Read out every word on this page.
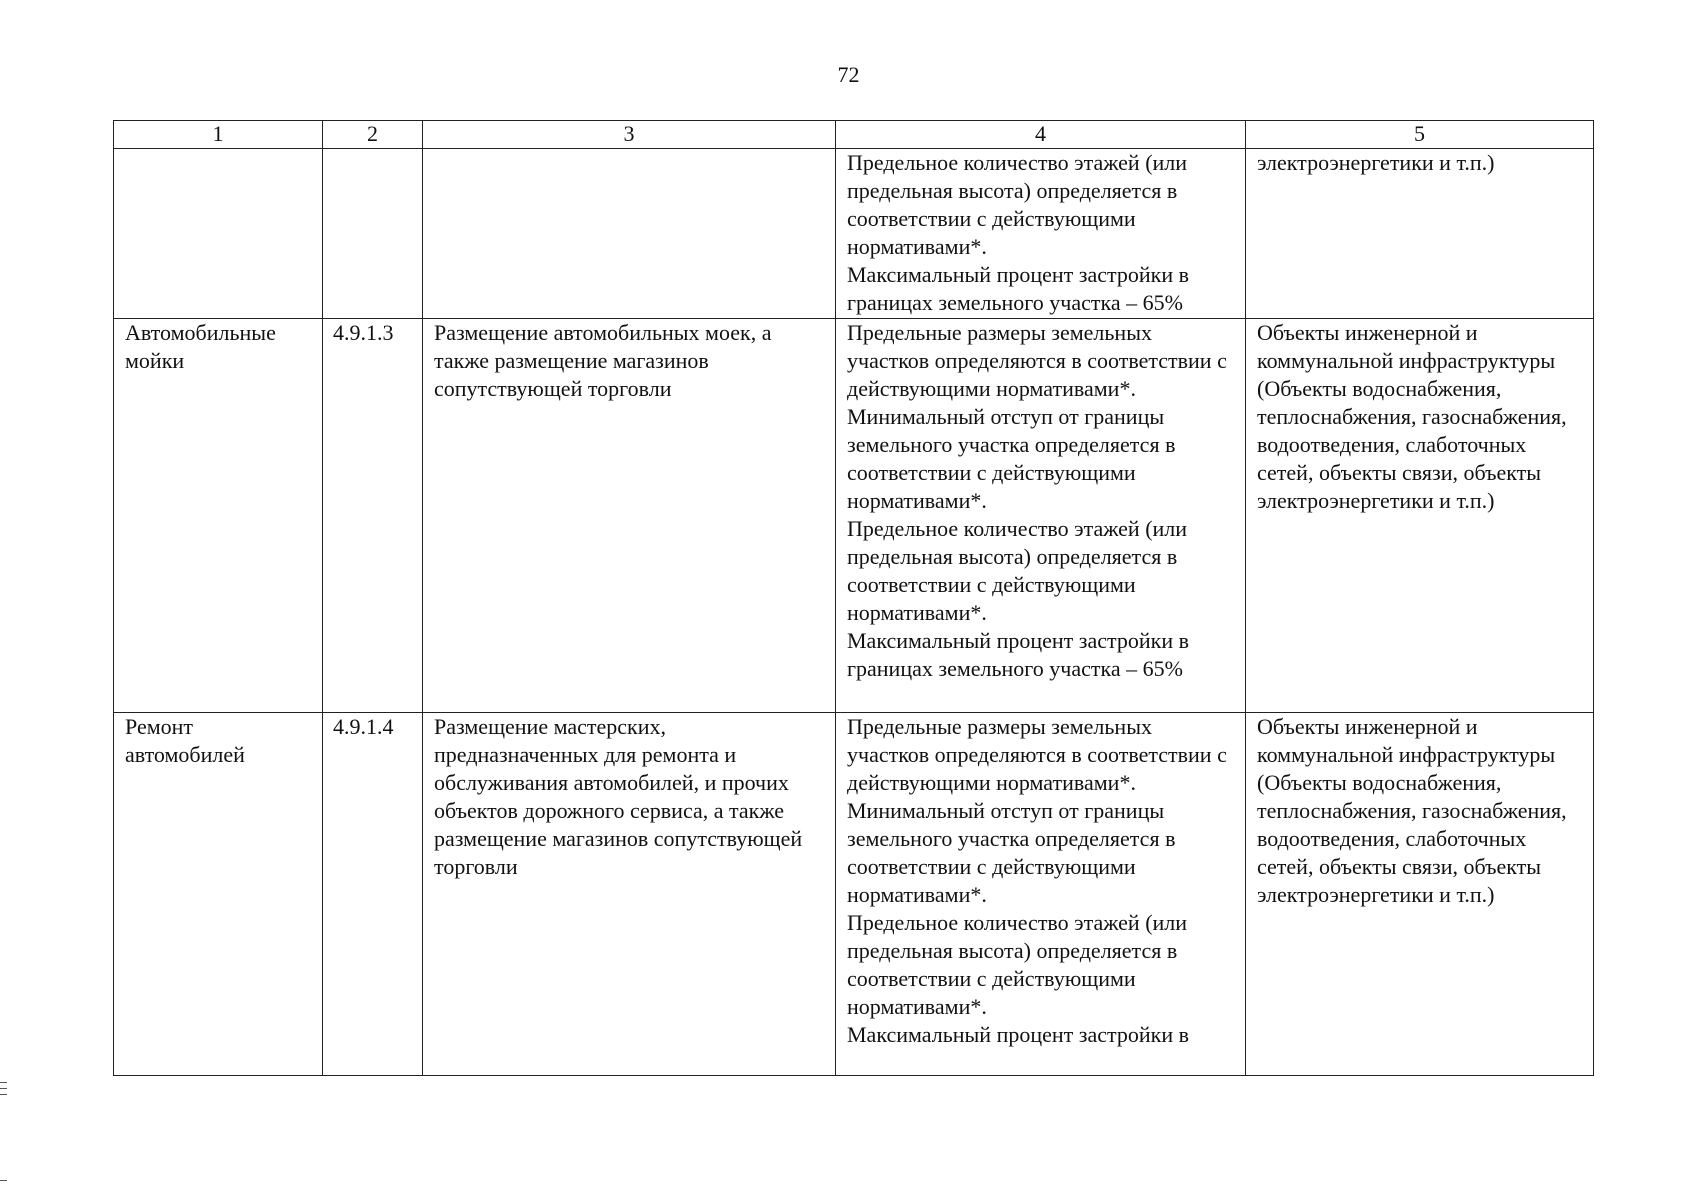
72
1	2	3	4	5

			Предельное количество этажей (или предельная высота) определяется в соответствии с действующими нормативами*.
Максимальный процент застройки в границах земельного участка – 65%	электроэнергетики и т.п.)
Автомобильные мойки	4.9.1.3	Размещение автомобильных моек, а также размещение магазинов сопутствующей торговли	Предельные размеры земельных участков определяются в соответствии с действующими нормативами*.
Минимальный отступ от границы земельного участка определяется в соответствии с действующими нормативами*.
Предельное количество этажей (или предельная высота) определяется в соответствии с действующими нормативами*.
Максимальный процент застройки в границах земельного участка – 65%	Объекты инженерной и коммунальной инфраструктуры (Объекты водоснабжения, теплоснабжения, газоснабжения, водоотведения, слаботочных сетей, объекты связи, объекты электроэнергетики и т.п.)
Ремонт автомобилей	4.9.1.4	Размещение мастерских, предназначенных для ремонта и обслуживания автомобилей, и прочих объектов дорожного сервиса, а также размещение магазинов сопутствующей торговли	Предельные размеры земельных участков определяются в соответствии с действующими нормативами*.
Минимальный отступ от границы земельного участка определяется в соответствии с действующими нормативами*.
Предельное количество этажей (или предельная высота) определяется в соответствии с действующими нормативами*.
Максимальный процент застройки в	Объекты инженерной и коммунальной инфраструктуры (Объекты водоснабжения, теплоснабжения, газоснабжения, водоотведения, слаботочных сетей, объекты связи, объекты электроэнергетики и т.п.)
